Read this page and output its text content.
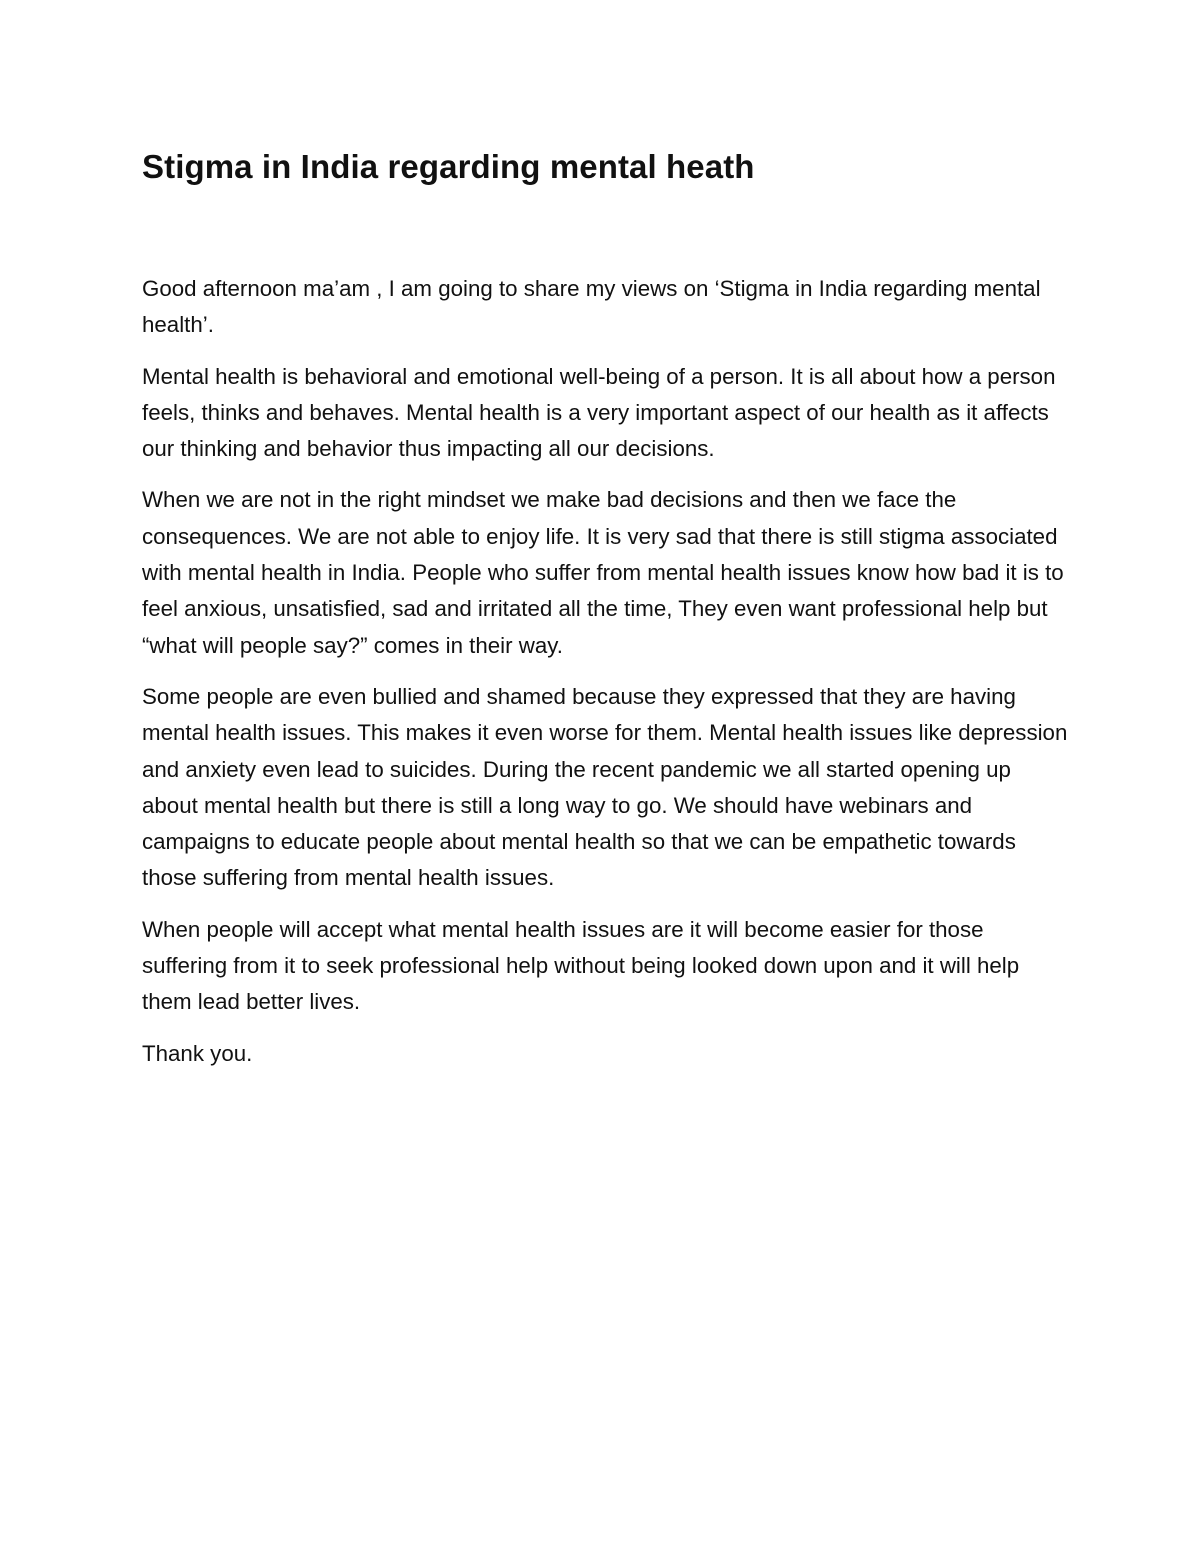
Stigma in India regarding mental heath

Good afternoon ma’am , I am going to share my views on ‘Stigma in India regarding mental health’.

Mental health is behavioral and emotional well-being of a person. It is all about how a person feels, thinks and behaves. Mental health is a very important aspect of our health as it affects our thinking and behavior thus impacting all our decisions.

When we are not in the right mindset we make bad decisions and then we face the consequences. We are not able to enjoy life. It is very sad that there is still stigma associated with mental health in India. People who suffer from mental health issues know how bad it is to feel anxious, unsatisfied, sad and irritated all the time, They even want professional help but “what will people say?” comes in their way.

Some people are even bullied and shamed because they expressed that they are having mental health issues. This makes it even worse for them. Mental health issues like depression and anxiety even lead to suicides. During the recent pandemic we all started opening up about mental health but there is still a long way to go. We should have webinars and campaigns to educate people about mental health so that we can be empathetic towards those suffering from mental health issues.

When people will accept what mental health issues are it will become easier for those suffering from it to seek professional help without being looked down upon and it will help them lead better lives.

Thank you.
